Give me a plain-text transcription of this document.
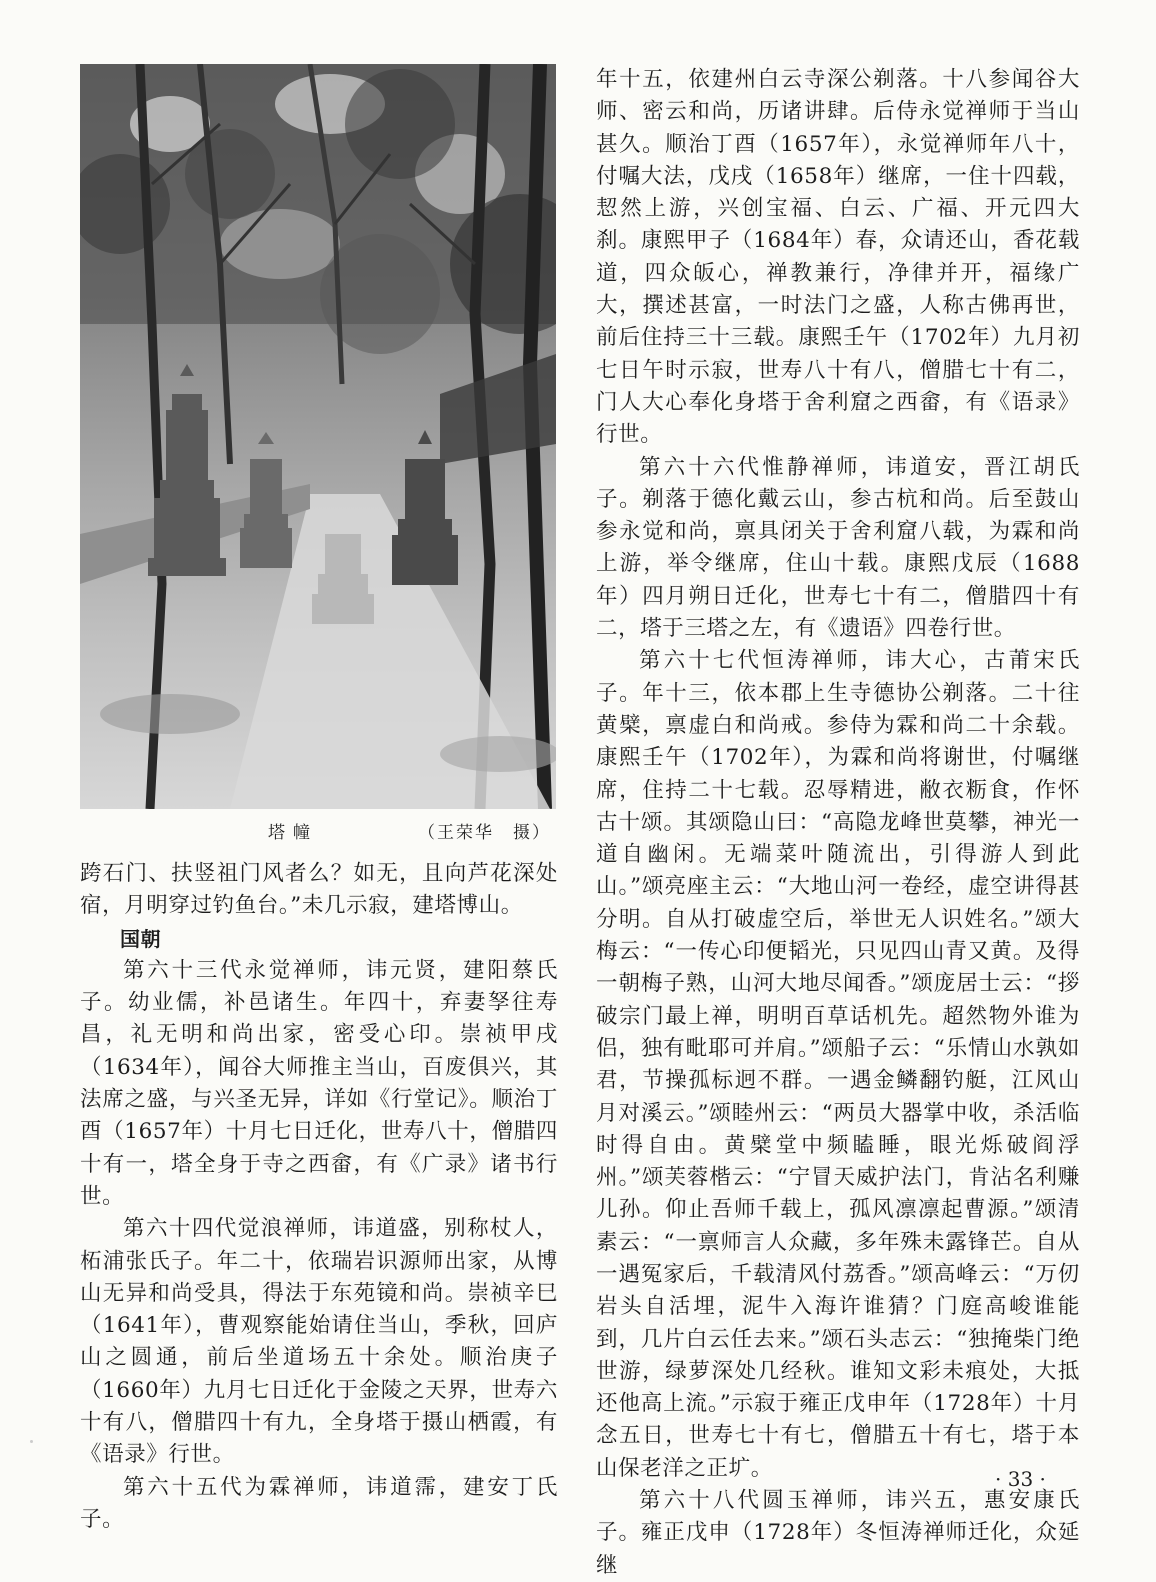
塔幢	（王荣华　摄）

跨石门、扶竖祖门风者么？如无，且向芦花深处宿，月明穿过钓鱼台。”未几示寂，建塔博山。

国朝

第六十三代永觉禅师，讳元贤，建阳蔡氏子。幼业儒，补邑诸生。年四十，弃妻孥往寿昌，礼无明和尚出家，密受心印。崇祯甲戌（1634年），闻谷大师推主当山，百废俱兴，其法席之盛，与兴圣无异，详如《行堂记》。顺治丁酉（1657年）十月七日迁化，世寿八十，僧腊四十有一，塔全身于寺之西畲，有《广录》诸书行世。

第六十四代觉浪禅师，讳道盛，别称杖人，柘浦张氏子。年二十，依瑞岩识源师出家，从博山无异和尚受具，得法于东苑镜和尚。崇祯辛巳（1641年），曹观察能始请住当山，季秋，回庐山之圆通，前后坐道场五十余处。顺治庚子（1660年）九月七日迁化于金陵之天界，世寿六十有八，僧腊四十有九，全身塔于摄山栖霞，有《语录》行世。

第六十五代为霖禅师，讳道霈，建安丁氏子。

年十五，依建州白云寺深公剃落。十八参闻谷大师、密云和尚，历诸讲肆。后侍永觉禅师于当山甚久。顺治丁酉（1657年），永觉禅师年八十，付嘱大法，戊戌（1658年）继席，一住十四载，恝然上游，兴创宝福、白云、广福、开元四大刹。康熙甲子（1684年）春，众请还山，香花载道，四众皈心，禅教兼行，净律并开，福缘广大，撰述甚富，一时法门之盛，人称古佛再世，前后住持三十三载。康熙壬午（1702年）九月初七日午时示寂，世寿八十有八，僧腊七十有二，门人大心奉化身塔于舍利窟之西畲，有《语录》行世。

第六十六代惟静禅师，讳道安，晋江胡氏子。剃落于德化戴云山，参古杭和尚。后至鼓山参永觉和尚，禀具闭关于舍利窟八载，为霖和尚上游，举令继席，住山十载。康熙戊辰（1688年）四月朔日迁化，世寿七十有二，僧腊四十有二，塔于三塔之左，有《遗语》四卷行世。

第六十七代恒涛禅师，讳大心，古莆宋氏子。年十三，依本郡上生寺德协公剃落。二十往黄檗，禀虚白和尚戒。参侍为霖和尚二十余载。康熙壬午（1702年），为霖和尚将谢世，付嘱继席，住持二十七载。忍辱精进，敝衣粝食，作怀古十颂。其颂隐山曰：“高隐龙峰世莫攀，神光一道自幽闲。无端菜叶随流出，引得游人到此山。”颂亮座主云：“大地山河一卷经，虚空讲得甚分明。自从打破虚空后，举世无人识姓名。”颂大梅云：“一传心印便韬光，只见四山青又黄。及得一朝梅子熟，山河大地尽闻香。”颂庞居士云：“拶破宗门最上禅，明明百草话机先。超然物外谁为侣，独有毗耶可并肩。”颂船子云：“乐情山水孰如君，节操孤标迥不群。一遇金鳞翻钓艇，江风山月对溪云。”颂睦州云：“两员大器掌中收，杀活临时得自由。黄檗堂中频瞌睡，眼光烁破阎浮州。”颂芙蓉楷云：“宁冒天威护法门，肯沾名利赚儿孙。仰止吾师千载上，孤风凛凛起曹源。”颂清素云：“一禀师言人众藏，多年殊未露锋芒。自从一遇冤家后，千载清风付荔香。”颂高峰云：“万仞岩头自活埋，泥牛入海许谁猜？门庭高峻谁能到，几片白云任去来。”颂石头志云：“独掩柴门绝世游，绿萝深处几经秋。谁知文彩未痕处，大抵还他高上流。”示寂于雍正戊申年（1728年）十月念五日，世寿七十有七，僧腊五十有七，塔于本山保老洋之正圹。

第六十八代圆玉禅师，讳兴五，惠安康氏子。雍正戊申（1728年）冬恒涛禅师迁化，众延继

· 33 ·
